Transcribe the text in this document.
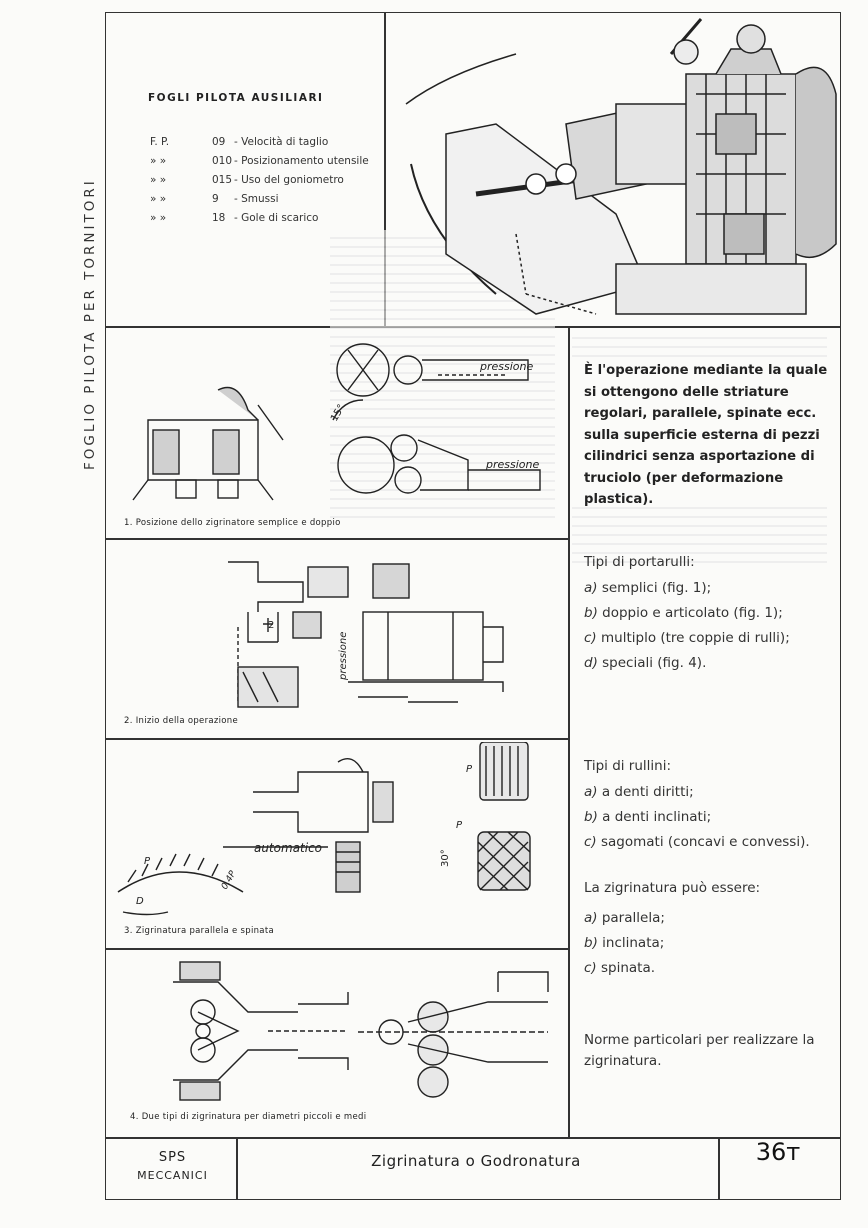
FOGLIO PILOTA PER TORNITORI
FOGLI PILOTA AUSILIARI
F. P.	09 - Velocità di taglio
» »	010 - Posizionamento utensile
» »	015 - Uso del goniometro
» »	9	- Smussi
» »	18 - Gole di scarico
pressione
pressione
15°
1. Posizione dello zigrinatore semplice e doppio
pressione
2
2. Inizio della operazione
automatico
P
P
0,4P
D
P
30°
3. Zigrinatura parallela e spinata
4. Due tipi di zigrinatura per diametri piccoli e medi
È l'operazione mediante la quale si ottengono delle striature regolari, parallele, spinate ecc. sulla superficie esterna di pezzi cilindrici senza asportazione di truciolo (per deformazione plastica).
Tipi di portarulli:
a) semplici (fig. 1);
b) doppio e articolato (fig. 1);
c) multiplo (tre coppie di rulli);
d) speciali (fig. 4).
Tipi di rullini:
a) a denti diritti;
b) a denti inclinati;
c) sagomati (concavi e convessi).
La zigrinatura può essere:
a) parallela;
b) inclinata;
c) spinata.
Norme particolari per realizzare la zigrinatura.
SPS
MECCANICI
Zigrinatura o Godronatura	36т
